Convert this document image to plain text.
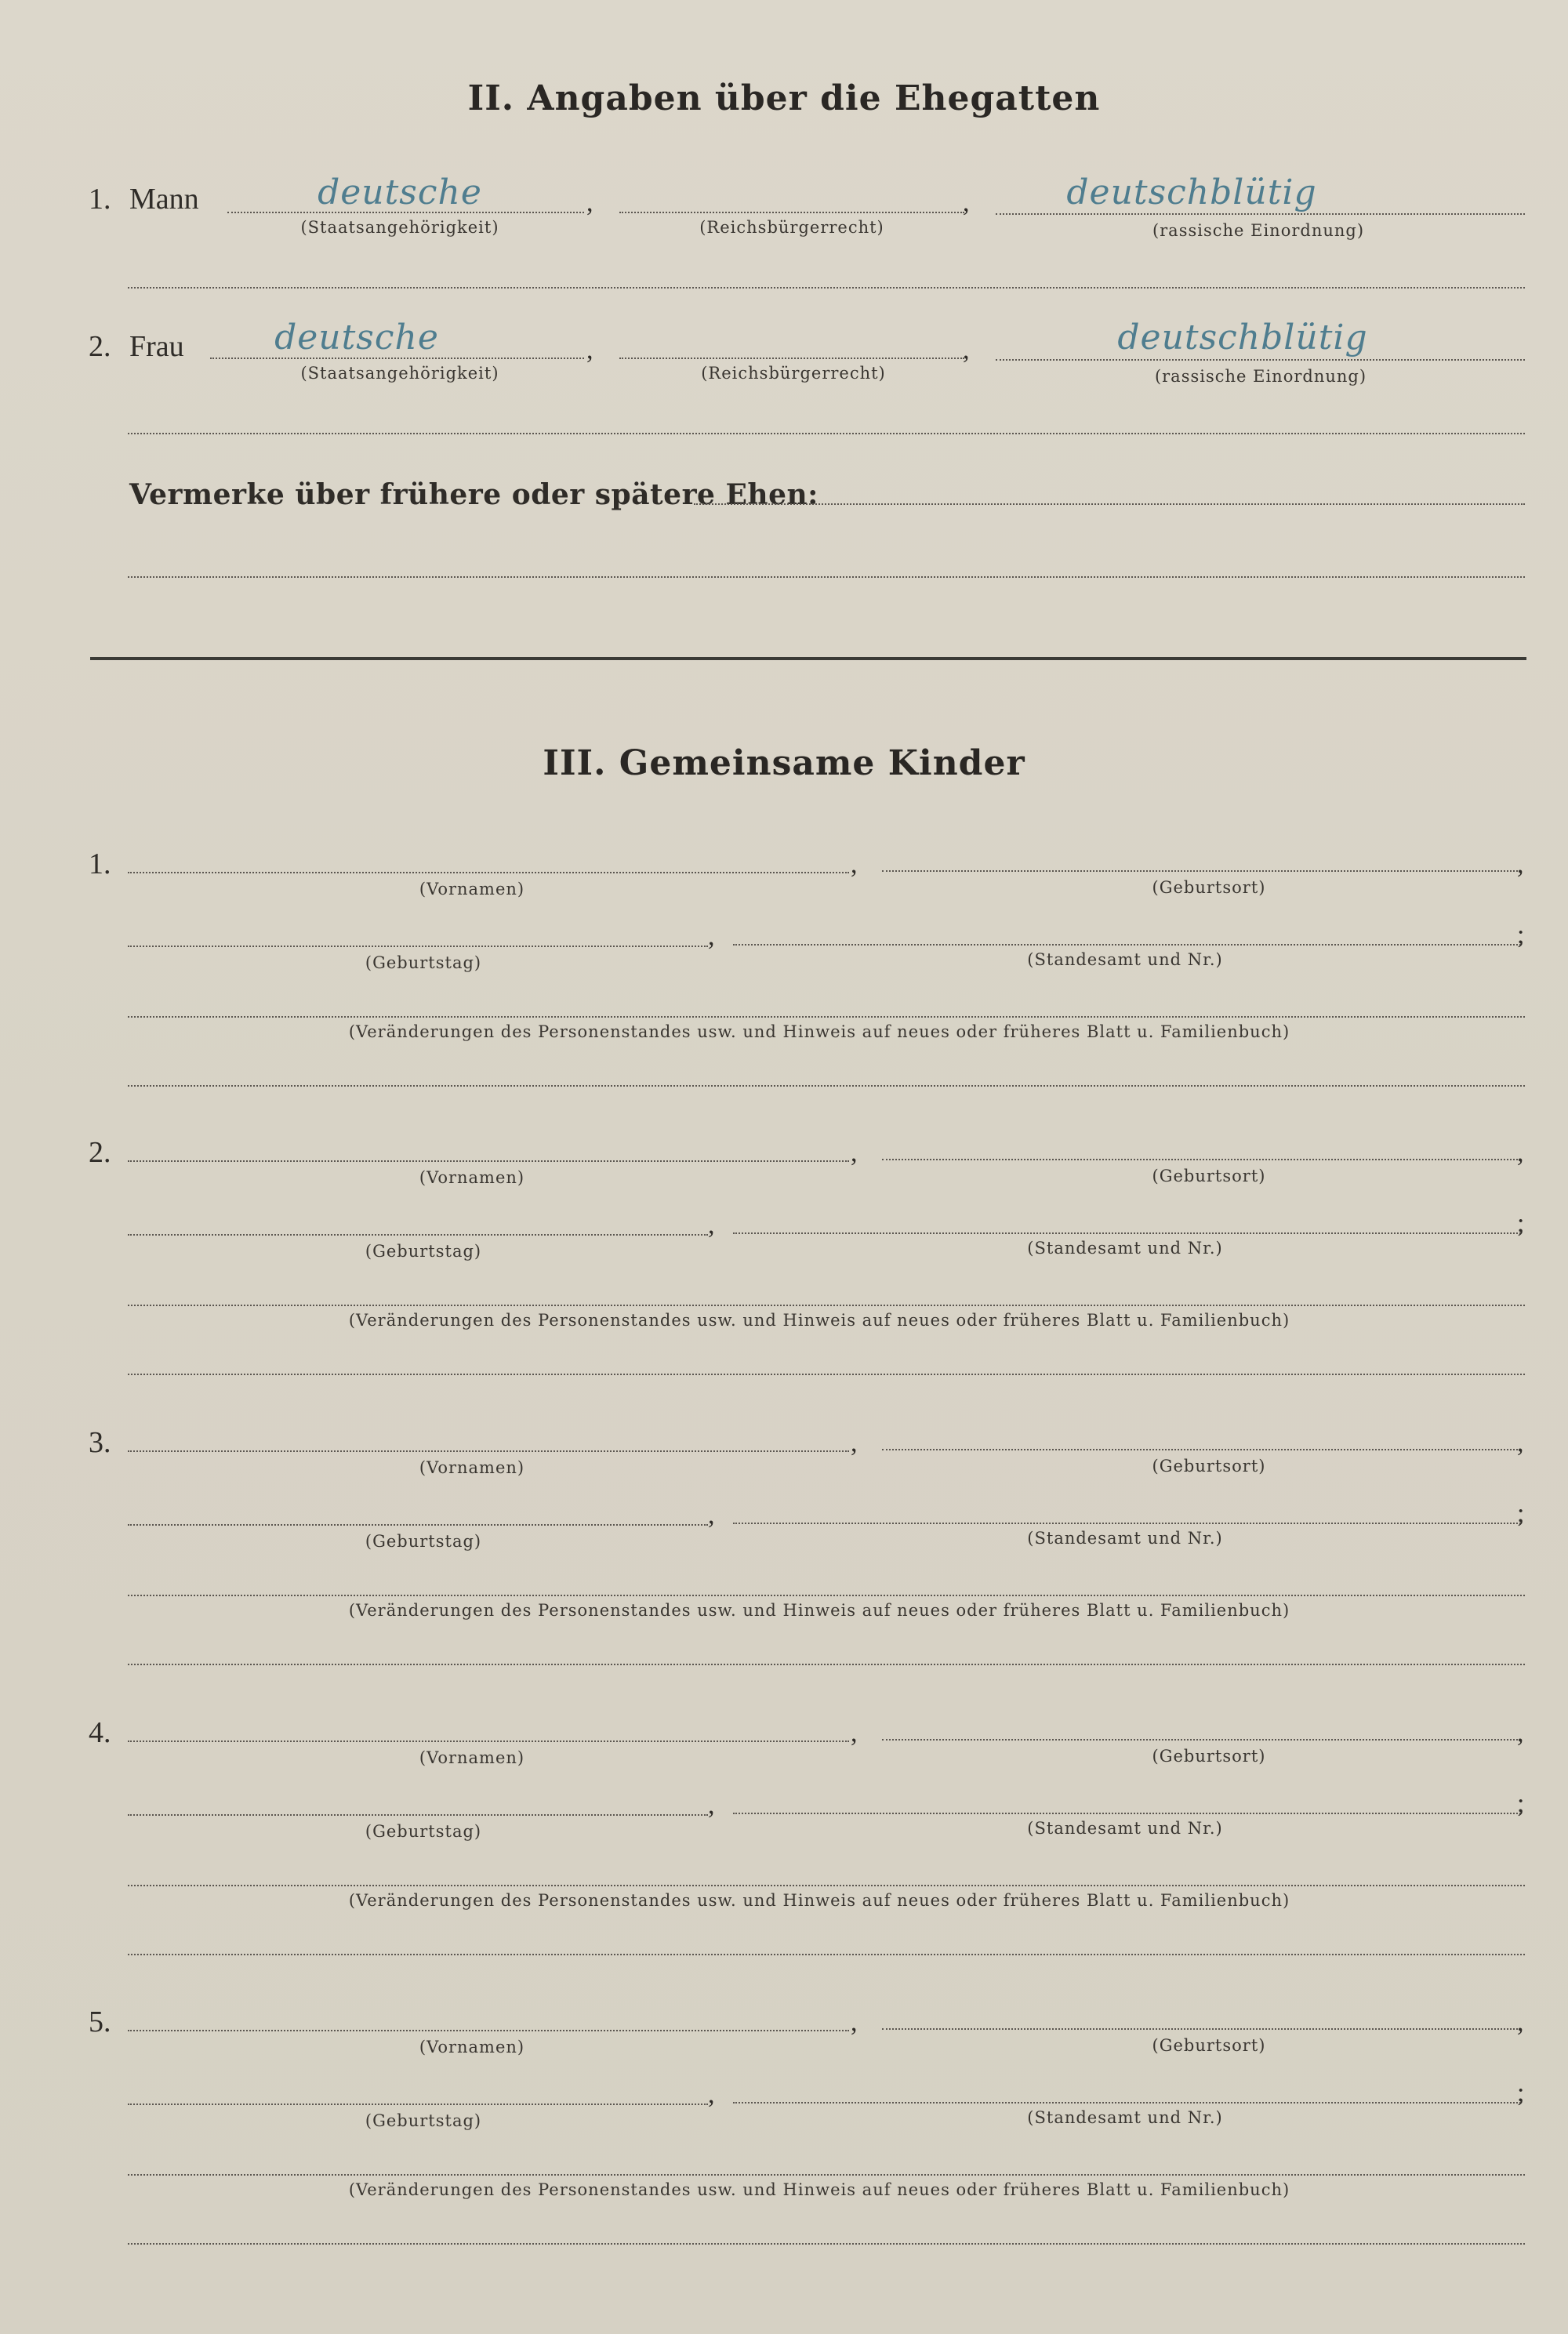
II. Angaben über die Ehegatten
1. Mann	deutsche
(Staatsangehörigkeit)
,
(Reichsbürgerrecht)
,	deutschblütig
(rassische Einordnung)
2. Frau	deutsche
(Staatsangehörigkeit)
,
(Reichsbürgerrecht)
,	deutschblütig
(rassische Einordnung)
Vermerke über frühere oder spätere Ehen:
III. Gemeinsame Kinder
1.	,	,
(Vornamen)	(Geburtsort)
,	;
(Geburtstag)	(Standesamt und Nr.)
(Veränderungen des Personenstandes usw. und Hinweis auf neues oder früheres Blatt u. Familienbuch)
2.	,	,
(Vornamen)	(Geburtsort)
,	;
(Geburtstag)	(Standesamt und Nr.)
(Veränderungen des Personenstandes usw. und Hinweis auf neues oder früheres Blatt u. Familienbuch)
3.	,	,
(Vornamen)	(Geburtsort)
,	;
(Geburtstag)	(Standesamt und Nr.)
(Veränderungen des Personenstandes usw. und Hinweis auf neues oder früheres Blatt u. Familienbuch)
4.	,	,
(Vornamen)	(Geburtsort)
,	;
(Geburtstag)	(Standesamt und Nr.)
(Veränderungen des Personenstandes usw. und Hinweis auf neues oder früheres Blatt u. Familienbuch)
5.	,	,
(Vornamen)	(Geburtsort)
,	;
(Geburtstag)	(Standesamt und Nr.)
(Veränderungen des Personenstandes usw. und Hinweis auf neues oder früheres Blatt u. Familienbuch)
